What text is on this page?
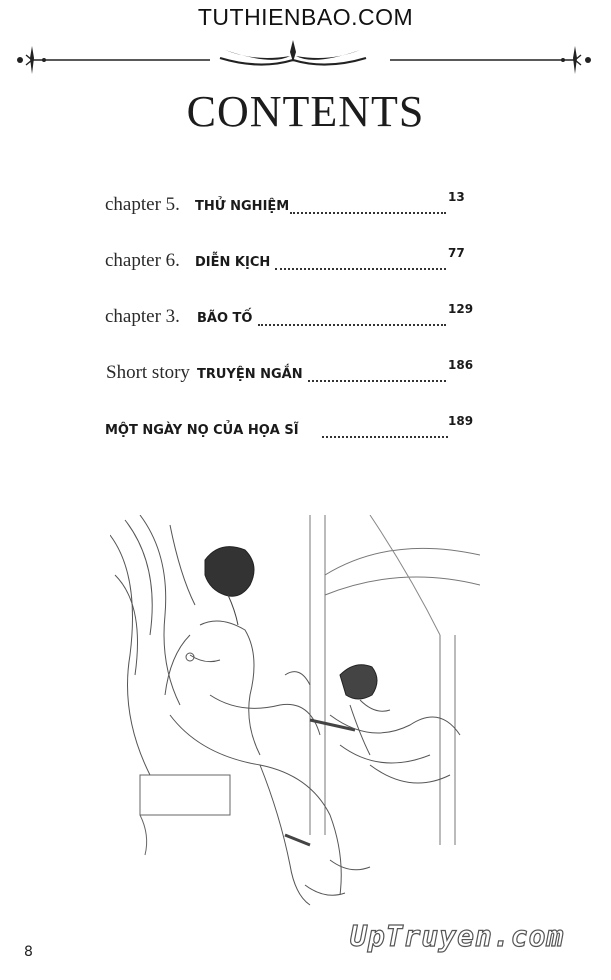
TUTHIENBAO.COM
CONTENTS
chapter 5. THỬ NGHIỆM
13
chapter 6. DIỄN KỊCH
77
chapter 3. BÃO TỐ
129
Short story TRUYỆN NGẮN
186
MỘT NGÀY NỌ CỦA HỌA SĨ
189
8	UpTruyen.com
